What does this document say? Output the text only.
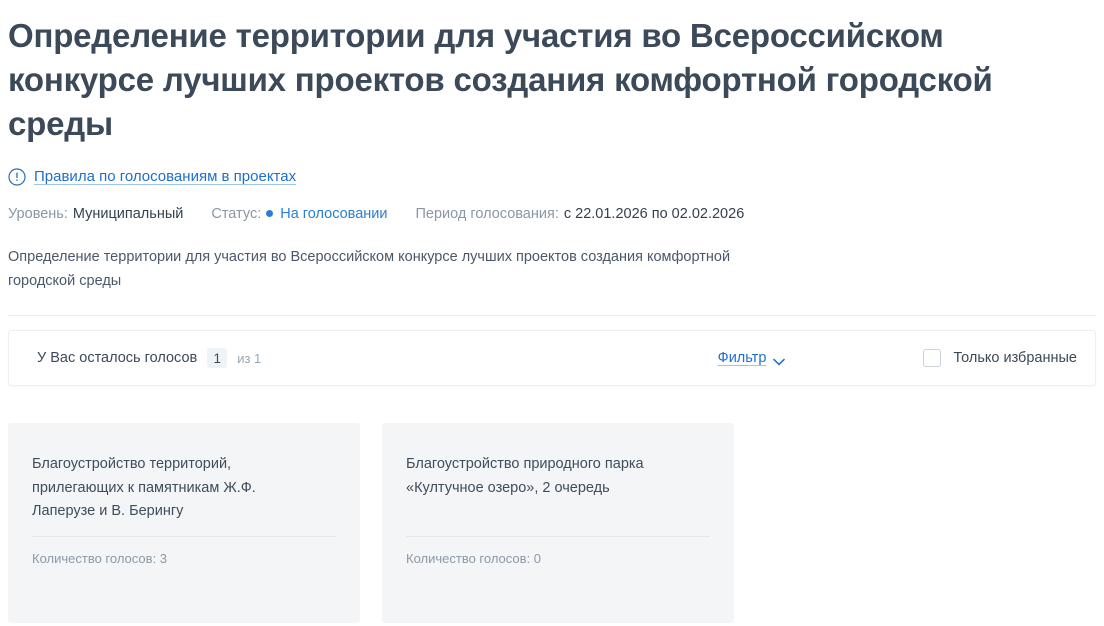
Определение территории для участия во Всероссийском конкурсе лучших проектов создания комфортной городской среды
Правила по голосованиям в проектах
Уровень: Муниципальный Статус: На голосовании Период голосования: с 22.01.2026 по 02.02.2026
Определение территории для участия во Всероссийском конкурсе лучших проектов создания комфортной городской среды
У Вас осталось голосов	1	из 1	Фильтр	Только избранные
Благоустройство территорий, прилегающих к памятникам Ж.Ф. Лаперузе и В. Берингу
Количество голосов: 3
Благоустройство природного парка «Култучное озеро», 2 очередь
Количество голосов: 0
